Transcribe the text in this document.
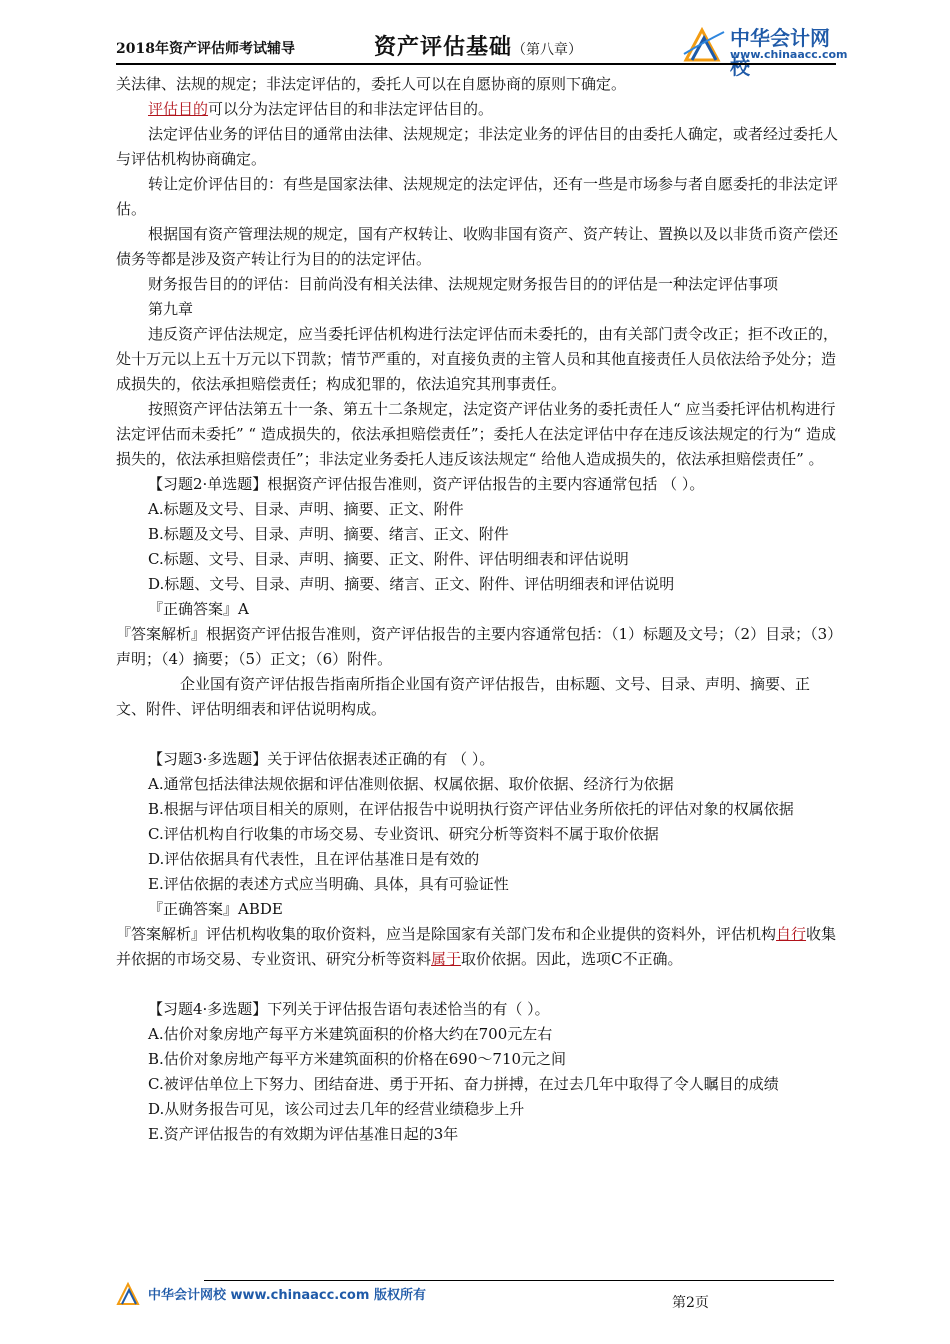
2018年资产评估师考试辅导	资产评估基础（第八章）	中华会计网校
www.chinaacc.com

关法律、法规的规定；非法定评估的，委托人可以在自愿协商的原则下确定。

评估目的可以分为法定评估目的和非法定评估目的。

法定评估业务的评估目的通常由法律、法规规定；非法定业务的评估目的由委托人确定，或者经过委托人与评估机构协商确定。

转让定价评估目的：有些是国家法律、法规规定的法定评估，还有一些是市场参与者自愿委托的非法定评估。

根据国有资产管理法规的规定，国有产权转让、收购非国有资产、资产转让、置换以及以非货币资产偿还债务等都是涉及资产转让行为目的的法定评估。

财务报告目的的评估：目前尚没有相关法律、法规规定财务报告目的的评估是一种法定评估事项

第九章

违反资产评估法规定，应当委托评估机构进行法定评估而未委托的，由有关部门责令改正；拒不改正的，处十万元以上五十万元以下罚款；情节严重的，对直接负责的主管人员和其他直接责任人员依法给予处分；造成损失的，依法承担赔偿责任；构成犯罪的，依法追究其刑事责任。

按照资产评估法第五十一条、第五十二条规定，法定资产评估业务的委托责任人“ 应当委托评估机构进行法定评估而未委托” “ 造成损失的，依法承担赔偿责任”；委托人在法定评估中存在违反该法规定的行为“ 造成损失的，依法承担赔偿责任”；非法定业务委托人违反该法规定“ 给他人造成损失的，依法承担赔偿责任” 。

【习题2·单选题】根据资产评估报告准则，资产评估报告的主要内容通常包括 （ ）。

A.标题及文号、目录、声明、摘要、正文、附件

B.标题及文号、目录、声明、摘要、绪言、正文、附件

C.标题、文号、目录、声明、摘要、正文、附件、评估明细表和评估说明

D.标题、文号、目录、声明、摘要、绪言、正文、附件、评估明细表和评估说明

『正确答案』A

『答案解析』根据资产评估报告准则，资产评估报告的主要内容通常包括：（1）标题及文号；（2）目录；（3）声明；（4）摘要；（5）正文；（6）附件。

企业国有资产评估报告指南所指企业国有资产评估报告，由标题、文号、目录、声明、摘要、正文、附件、评估明细表和评估说明构成。

【习题3·多选题】关于评估依据表述正确的有 （ ）。

A.通常包括法律法规依据和评估准则依据、权属依据、取价依据、经济行为依据

B.根据与评估项目相关的原则，在评估报告中说明执行资产评估业务所依托的评估对象的权属依据

C.评估机构自行收集的市场交易、专业资讯、研究分析等资料不属于取价依据

D.评估依据具有代表性，且在评估基准日是有效的

E.评估依据的表述方式应当明确、具体，具有可验证性

『正确答案』ABDE

『答案解析』评估机构收集的取价资料，应当是除国家有关部门发布和企业提供的资料外，评估机构自行收集并依据的市场交易、专业资讯、研究分析等资料属于取价依据。因此，选项C不正确。

【习题4·多选题】下列关于评估报告语句表述恰当的有（ ）。

A.估价对象房地产每平方米建筑面积的价格大约在700元左右

B.估价对象房地产每平方米建筑面积的价格在690～710元之间

C.被评估单位上下努力、团结奋进、勇于开拓、奋力拼搏，在过去几年中取得了令人瞩目的成绩

D.从财务报告可见，该公司过去几年的经营业绩稳步上升

E.资产评估报告的有效期为评估基准日起的3年

中华会计网校 www.chinaacc.com 版权所有	第2页
